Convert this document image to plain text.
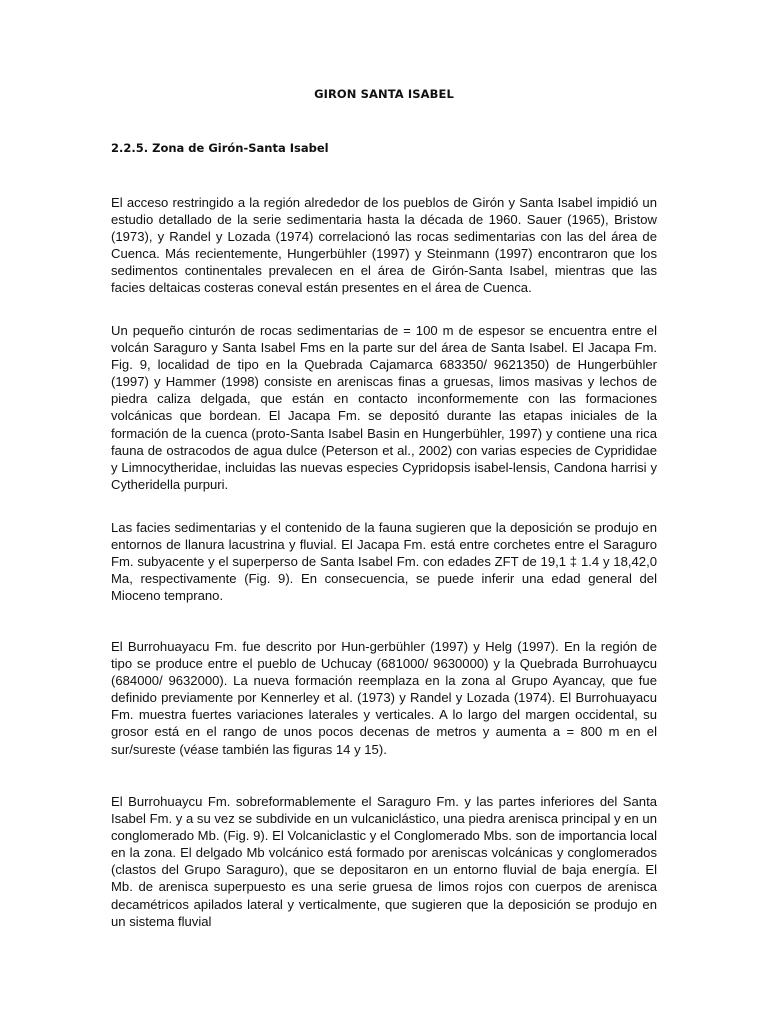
GIRON SANTA ISABEL
2.2.5. Zona de Girón-Santa Isabel

El acceso restringido a la región alrededor de los pueblos de Girón y Santa Isabel impidió un estudio detallado de la serie sedimentaria hasta la década de 1960. Sauer (1965), Bristow (1973), y Randel y Lozada (1974) correlacionó las rocas sedimentarias con las del área de Cuenca. Más recientemente, Hungerbühler (1997) y Steinmann (1997) encontraron que los sedimentos continentales prevalecen en el área de Girón-Santa Isabel, mientras que las facies deltaicas costeras coneval están presentes en el área de Cuenca.

Un pequeño cinturón de rocas sedimentarias de = 100 m de espesor se encuentra entre el volcán Saraguro y Santa Isabel Fms en la parte sur del área de Santa Isabel. El Jacapa Fm. Fig. 9, localidad de tipo en la Quebrada Cajamarca 683350/ 9621350) de Hungerbühler (1997) y Hammer (1998) consiste en areniscas finas a gruesas, limos masivas y lechos de piedra caliza delgada, que están en contacto inconformemente con las formaciones volcánicas que bordean. El Jacapa Fm. se depositó durante las etapas iniciales de la formación de la cuenca (proto-Santa Isabel Basin en Hungerbühler, 1997) y contiene una rica fauna de ostracodos de agua dulce (Peterson et al., 2002) con varias especies de Cyprididae y Limnocytheridae, incluidas las nuevas especies Cypridopsis isabel-lensis, Candona harrisi y Cytheridella purpuri.

Las facies sedimentarias y el contenido de la fauna sugieren que la deposición se produjo en entornos de llanura lacustrina y fluvial. El Jacapa Fm. está entre corchetes entre el Saraguro Fm. subyacente y el superperso de Santa Isabel Fm. con edades ZFT de 19,1 ‡ 1.4 y 18,42,0 Ma, respectivamente (Fig. 9). En consecuencia, se puede inferir una edad general del Mioceno temprano.

El Burrohuayacu Fm. fue descrito por Hun-gerbühler (1997) y Helg (1997). En la región de tipo se produce entre el pueblo de Uchucay (681000/ 9630000) y la Quebrada Burrohuaycu (684000/ 9632000). La nueva formación reemplaza en la zona al Grupo Ayancay, que fue definido previamente por Kennerley et al. (1973) y Randel y Lozada (1974). El Burrohuayacu Fm. muestra fuertes variaciones laterales y verticales. A lo largo del margen occidental, su grosor está en el rango de unos pocos decenas de metros y aumenta a = 800 m en el sur/sureste (véase también las figuras 14 y 15).

El Burrohuaycu Fm. sobreformablemente el Saraguro Fm. y las partes inferiores del Santa Isabel Fm. y a su vez se subdivide en un vulcaniclástico, una piedra arenisca principal y en un conglomerado Mb. (Fig. 9). El Volcaniclastic y el Conglomerado Mbs. son de importancia local en la zona. El delgado Mb volcánico está formado por areniscas volcánicas y conglomerados (clastos del Grupo Saraguro), que se depositaron en un entorno fluvial de baja energía. El Mb. de arenisca superpuesto es una serie gruesa de limos rojos con cuerpos de arenisca decamétricos apilados lateral y verticalmente, que sugieren que la deposición se produjo en un sistema fluvial
